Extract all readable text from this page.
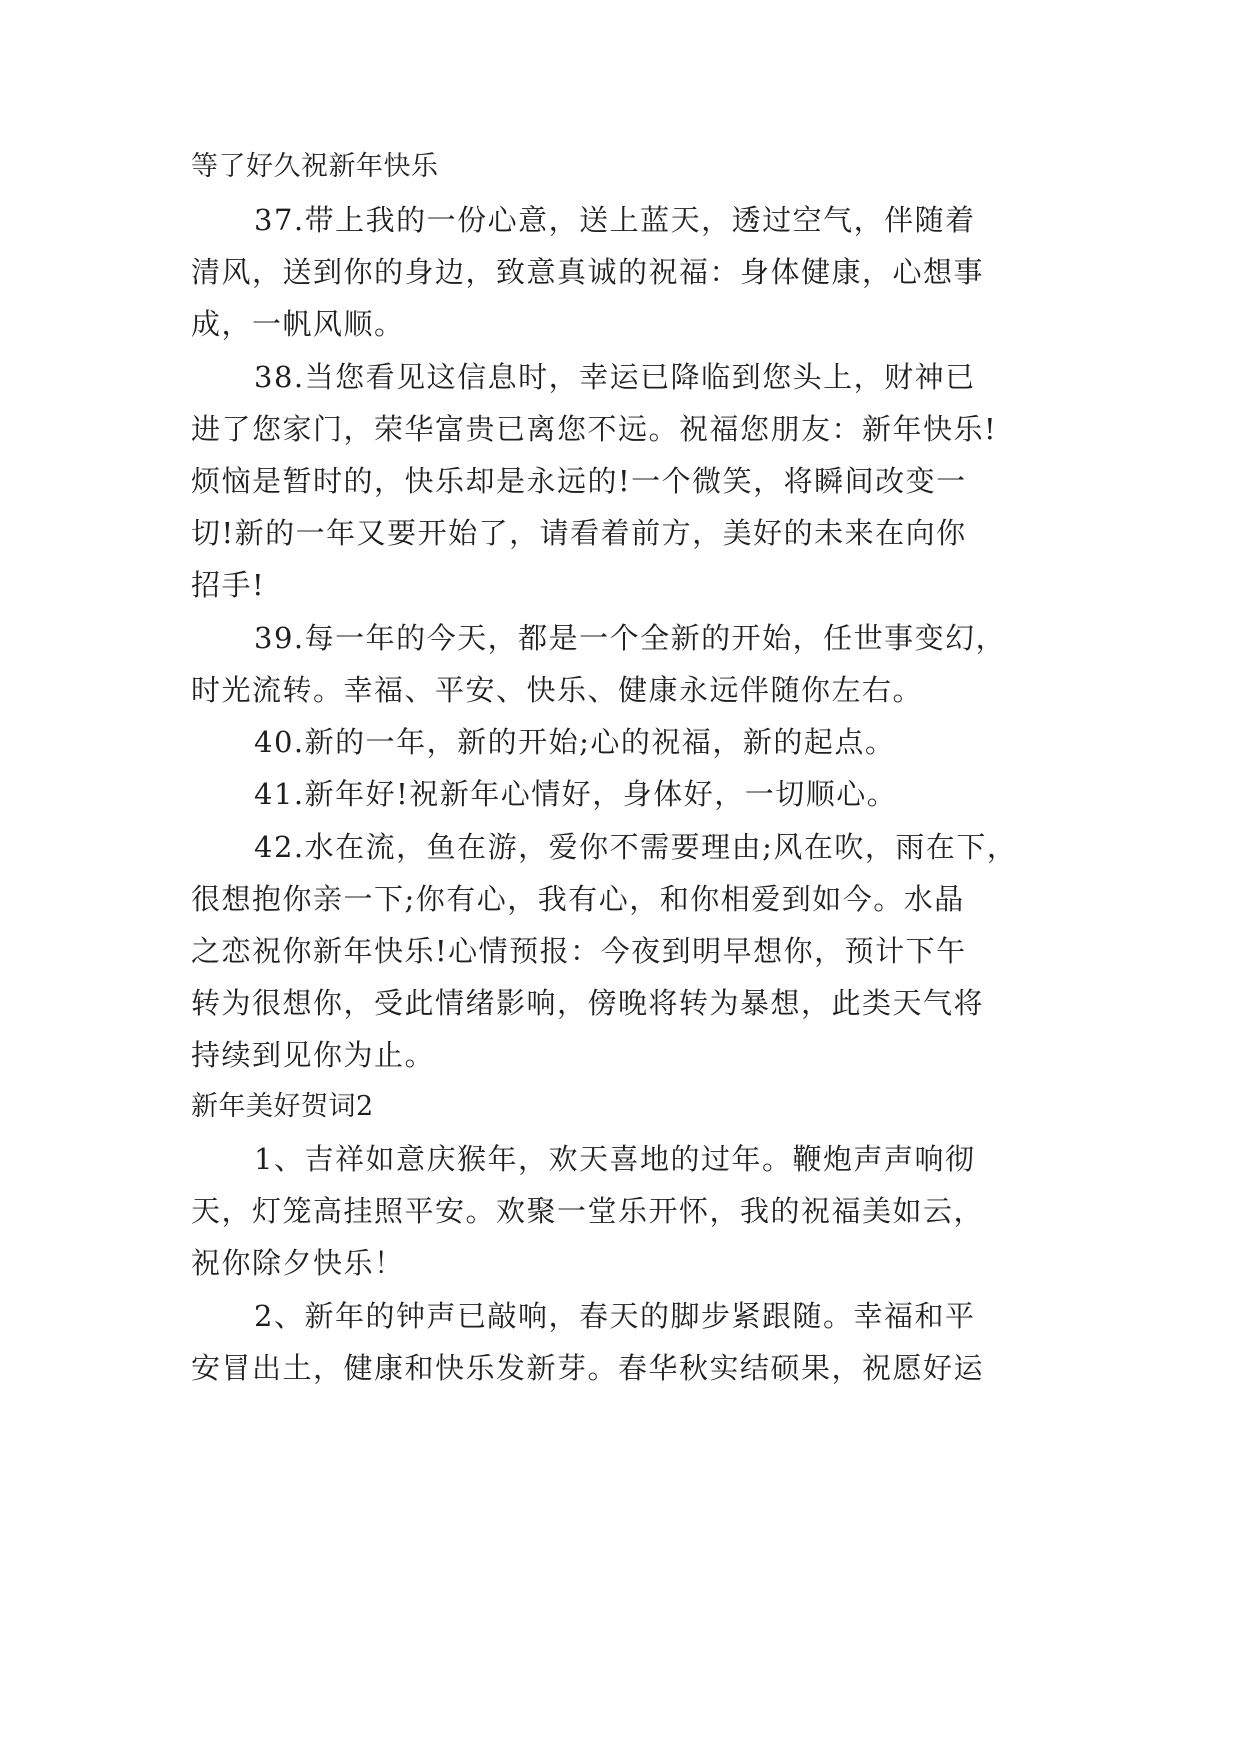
等了好久祝新年快乐
37.带上我的一份心意，送上蓝天，透过空气，伴随着
清风，送到你的身边，致意真诚的祝福：身体健康，心想事
成，一帆风顺。
38.当您看见这信息时，幸运已降临到您头上，财神已
进了您家门，荣华富贵已离您不远。祝福您朋友：新年快乐!
烦恼是暂时的，快乐却是永远的!一个微笑，将瞬间改变一
切!新的一年又要开始了，请看着前方，美好的未来在向你
招手!
39.每一年的今天，都是一个全新的开始，任世事变幻，
时光流转。幸福、平安、快乐、健康永远伴随你左右。
40.新的一年，新的开始;心的祝福，新的起点。
41.新年好!祝新年心情好，身体好，一切顺心。
42.水在流，鱼在游，爱你不需要理由;风在吹，雨在下，
很想抱你亲一下;你有心，我有心，和你相爱到如今。水晶
之恋祝你新年快乐!心情预报：今夜到明早想你，预计下午
转为很想你，受此情绪影响，傍晚将转为暴想，此类天气将
持续到见你为止。
新年美好贺词2
1、吉祥如意庆猴年，欢天喜地的过年。鞭炮声声响彻
天，灯笼高挂照平安。欢聚一堂乐开怀，我的祝福美如云，
祝你除夕快乐！
2、新年的钟声已敲响，春天的脚步紧跟随。幸福和平
安冒出土，健康和快乐发新芽。春华秋实结硕果，祝愿好运
